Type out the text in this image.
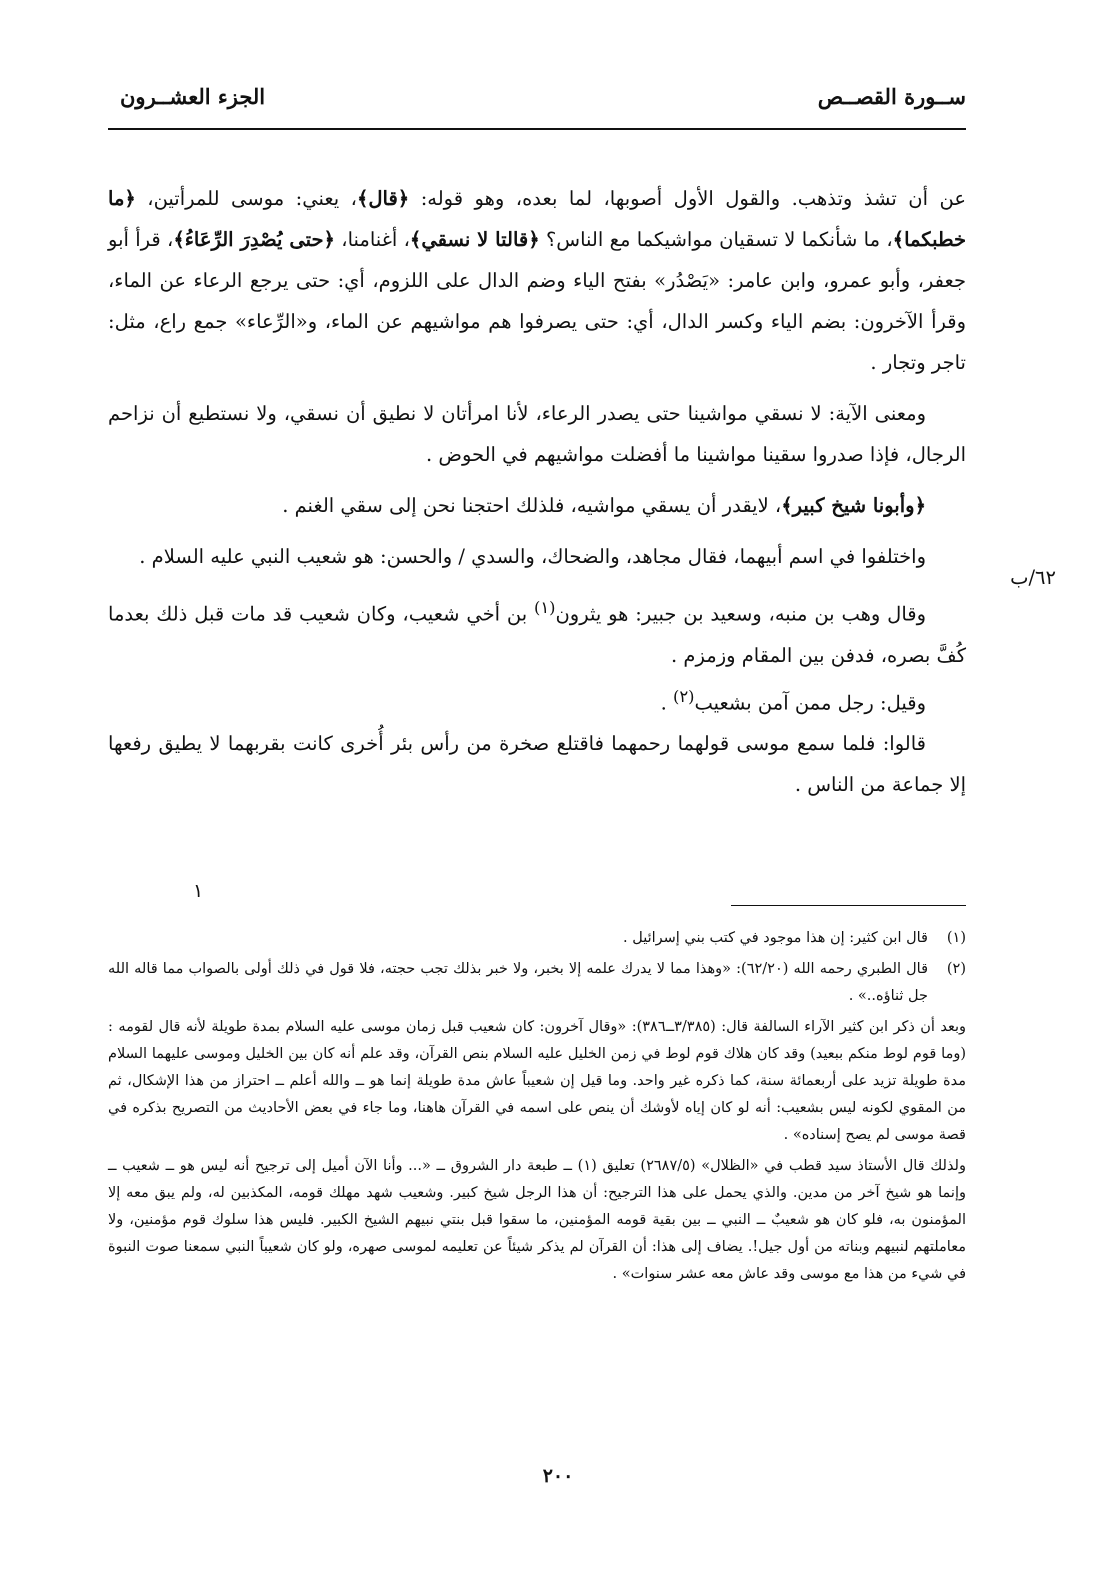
ســورة القصــص
الجزء العشــرون
٦٢/ب

عن أن تشذ وتذهب. والقول الأول أصوبها، لما بعده، وهو قوله: ﴿قال﴾، يعني: موسى للمرأتين، ﴿ما خطبكما﴾، ما شأنكما لا تسقيان مواشيكما مع الناس؟ ﴿قالتا لا نسقي﴾، أغنامنا، ﴿حتى يُصْدِرَ الرِّعَاءُ﴾، قرأ أبو جعفر، وأبو عمرو، وابن عامر: «يَصْدُر» بفتح الياء وضم الدال على اللزوم، أي: حتى يرجع الرعاء عن الماء، وقرأ الآخرون: بضم الياء وكسر الدال، أي: حتى يصرفوا هم مواشيهم عن الماء، و«الرِّعاء» جمع راع، مثل: تاجر وتجار .

ومعنى الآية: لا نسقي مواشينا حتى يصدر الرعاء، لأنا امرأتان لا نطيق أن نسقي، ولا نستطيع أن نزاحم الرجال، فإذا صدروا سقينا مواشينا ما أفضلت مواشيهم في الحوض .

﴿وأبونا شيخ كبير﴾، لايقدر أن يسقي مواشيه، فلذلك احتجنا نحن إلى سقي الغنم .

واختلفوا في اسم أبيهما، فقال مجاهد، والضحاك، والسدي / والحسن: هو شعيب النبي عليه السلام .

وقال وهب بن منبه، وسعيد بن جبير: هو يثرون$^{(١)}$ بن أخي شعيب، وكان شعيب قد مات قبل ذلك بعدما كُفَّ بصره، فدفن بين المقام وزمزم .

وقيل: رجل ممن آمن بشعيب$^{(٢)}$ .

قالوا: فلما سمع موسى قولهما رحمهما فاقتلع صخرة من رأس بئر أُخرى كانت بقربهما لا يطيق رفعها إلا جماعة من الناس .

١
(١)
قال ابن كثير: إن هذا موجود في كتب بني إسرائيل .
(٢)
قال الطبري رحمه الله (٦٢/٢٠): «وهذا مما لا يدرك علمه إلا بخبر، ولا خبر بذلك تجب حجته، فلا قول في ذلك أولى بالصواب مما قاله الله جل ثناؤه..» .

وبعد أن ذكر ابن كثير الآراء السالفة قال: (٣/٣٨٥ــ٣٨٦): «وقال آخرون: كان شعيب قبل زمان موسى عليه السلام بمدة طويلة لأنه قال لقومه : (وما قوم لوط منكم ببعيد) وقد كان هلاك قوم لوط في زمن الخليل عليه السلام بنص القرآن، وقد علم أنه كان بين الخليل وموسى عليهما السلام مدة طويلة تزيد على أربعمائة سنة، كما ذكره غير واحد. وما قيل إن شعيباً عاش مدة طويلة إنما هو ــ والله أعلم ــ احتراز من هذا الإشكال، ثم من المقوي لكونه ليس بشعيب: أنه لو كان إياه لأوشك أن ينص على اسمه في القرآن هاهنا، وما جاء في بعض الأحاديث من التصريح بذكره في قصة موسى لم يصح إسناده» .

ولذلك قال الأستاذ سيد قطب في «الظلال» (٢٦٨٧/٥) تعليق (١) ــ طبعة دار الشروق ــ «... وأنا الآن أميل إلى ترجيح أنه ليس هو ــ شعيب ــ وإنما هو شيخ آخر من مدين. والذي يحمل على هذا الترجيح: أن هذا الرجل شيخ كبير. وشعيب شهد مهلك قومه، المكذبين له، ولم يبق معه إلا المؤمنون به، فلو كان هو شعيبٌ ــ النبي ــ بين بقية قومه المؤمنين، ما سقوا قبل بنتي نبيهم الشيخ الكبير. فليس هذا سلوك قوم مؤمنين، ولا معاملتهم لنبيهم وبناته من أول جيل!. يضاف إلى هذا: أن القرآن لم يذكر شيئاً عن تعليمه لموسى صهره، ولو كان شعيباً النبي سمعنا صوت النبوة في شيء من هذا مع موسى وقد عاش معه عشر سنوات» .

٢٠٠
